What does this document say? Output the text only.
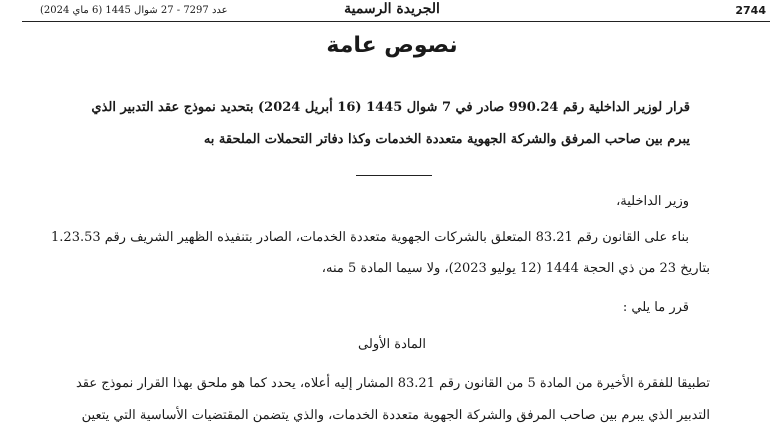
2744
الجريدة الرسمية
عدد 7297 - 27 شوال 1445 (6 ماي 2024)
نصوص عامة
قرار لوزير الداخلية رقم 990.24 صادر في 7 شوال 1445 (16 أبريل 2024) بتحديد نموذج عقد التدبير الذي يبرم بين صاحب المرفق والشركة الجهوية متعددة الخدمات وكذا دفاتر التحملات الملحقة به
وزير الداخلية،
بناء على القانون رقم 83.21 المتعلق بالشركات الجهوية متعددة الخدمات، الصادر بتنفيذه الظهير الشريف رقم 1.23.53
بتاريخ 23 من ذي الحجة 1444 (12 يوليو 2023)، ولا سيما المادة 5 منه،
قرر ما يلي :
المادة الأولى
تطبيقا للفقرة الأخيرة من المادة 5 من القانون رقم 83.21 المشار إليه أعلاه، يحدد كما هو ملحق بهذا القرار نموذج عقد
التدبير الذي يبرم بين صاحب المرفق والشركة الجهوية متعددة الخدمات، والذي يتضمن المقتضيات الأساسية التي يتعين
